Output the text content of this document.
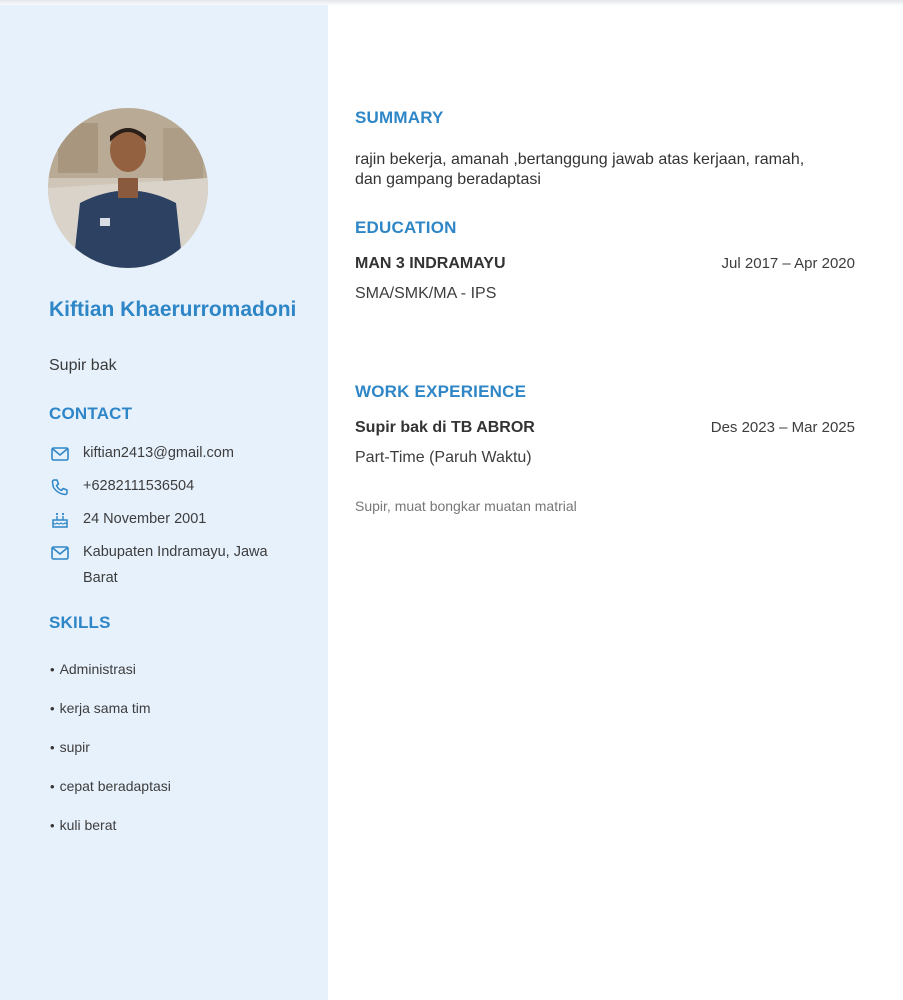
Kiftian Khaerurromadoni
Supir bak
CONTACT
kiftian2413@gmail.com
+6282111536504
24 November 2001
Kabupaten Indramayu, Jawa Barat
SKILLS
• Administrasi
• kerja sama tim
• supir
• cepat beradaptasi
• kuli berat
SUMMARY
rajin bekerja, amanah ,bertanggung jawab atas kerjaan, ramah, dan gampang beradaptasi
EDUCATION
MAN 3 INDRAMAYU	Jul 2017 – Apr 2020
SMA/SMK/MA - IPS
WORK EXPERIENCE
Supir bak di TB ABROR	Des 2023 – Mar 2025
Part-Time (Paruh Waktu)
Supir, muat bongkar muatan matrial
